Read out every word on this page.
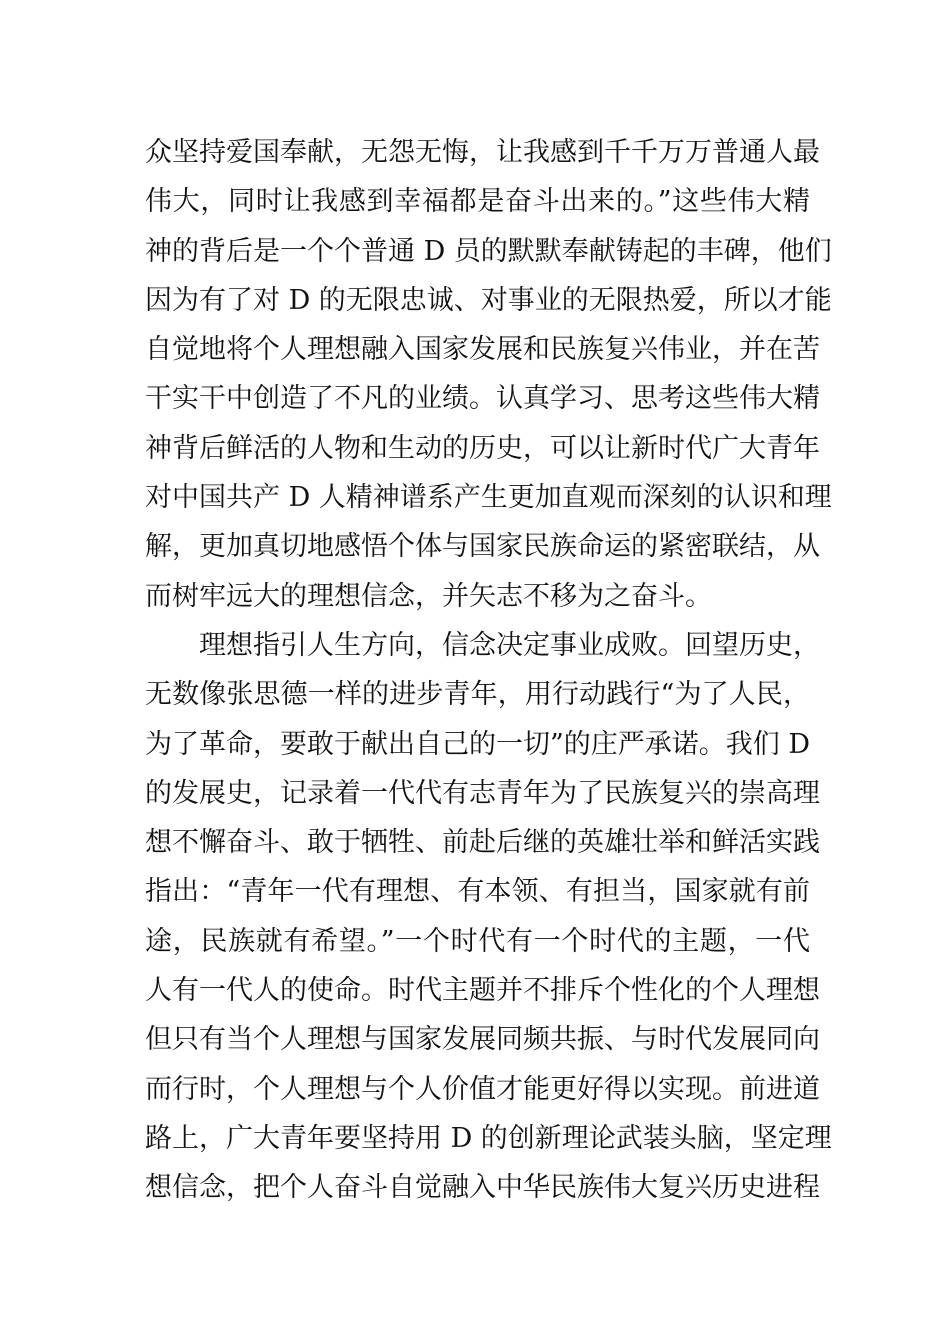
众坚持爱国奉献，无怨无悔，让我感到千千万万普通人最
伟大，同时让我感到幸福都是奋斗出来的。”这些伟大精
神的背后是一个个普通 D 员的默默奉献铸起的丰碑，他们
因为有了对 D 的无限忠诚、对事业的无限热爱，所以才能
自觉地将个人理想融入国家发展和民族复兴伟业，并在苦
干实干中创造了不凡的业绩。认真学习、思考这些伟大精
神背后鲜活的人物和生动的历史，可以让新时代广大青年
对中国共产 D 人精神谱系产生更加直观而深刻的认识和理
解，更加真切地感悟个体与国家民族命运的紧密联结，从
而树牢远大的理想信念，并矢志不移为之奋斗。
理想指引人生方向，信念决定事业成败。回望历史，
无数像张思德一样的进步青年，用行动践行“为了人民，
为了革命，要敢于献出自己的一切”的庄严承诺。我们 D
的发展史，记录着一代代有志青年为了民族复兴的崇高理
想不懈奋斗、敢于牺牲、前赴后继的英雄壮举和鲜活实践
指出：“青年一代有理想、有本领、有担当，国家就有前
途，民族就有希望。”一个时代有一个时代的主题，一代
人有一代人的使命。时代主题并不排斥个性化的个人理想
但只有当个人理想与国家发展同频共振、与时代发展同向
而行时，个人理想与个人价值才能更好得以实现。前进道
路上，广大青年要坚持用 D 的创新理论武装头脑，坚定理
想信念，把个人奋斗自觉融入中华民族伟大复兴历史进程
